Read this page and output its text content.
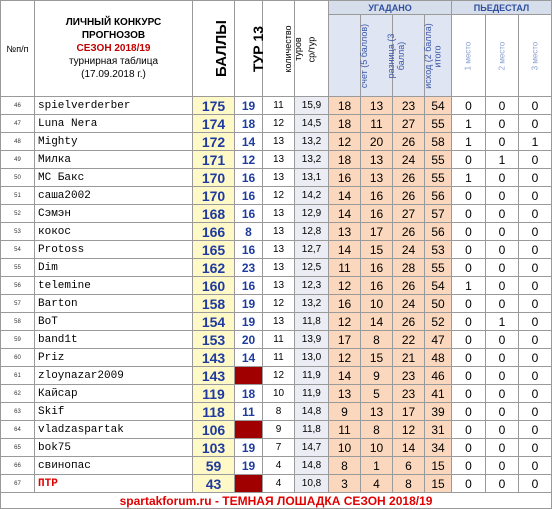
№п/п	ЛИЧНЫЙ КОНКУРС
ПРОГНОЗОВ
СЕЗОН 2018/19
турнирная таблица
(17.09.2018 г.)	БАЛЛЫ	ТУР 13	количество туров	ср/тур	УГАДАНО				ПЬЕДЕСТАЛ		
						счет (5 баллов)	разница (3 балла)	исход (2 балла)	итого	1 место	2 место	3 место
46	spielverderber	175	19	11	15,9	18	13	23	54	0	0	0
47	Luna Nera	174	18	12	14,5	18	11	27	55	1	0	0
48	Mighty	172	14	13	13,2	12	20	26	58	1	0	1
49	Милка	171	12	13	13,2	18	13	24	55	0	1	0
50	MC Бакс	170	16	13	13,1	16	13	26	55	1	0	0
51	саша2002	170	16	12	14,2	14	16	26	56	0	0	0
52	Сэмэн	168	16	13	12,9	14	16	27	57	0	0	0
53	кокос	166	8	13	12,8	13	17	26	56	0	0	0
54	Protoss	165	16	13	12,7	14	15	24	53	0	0	0
55	Dim	162	23	13	12,5	11	16	28	55	0	0	0
56	telemine	160	16	13	12,3	12	16	26	54	1	0	0
57	Barton	158	19	12	13,2	16	10	24	50	0	0	0
58	BoT	154	19	13	11,8	12	14	26	52	0	1	0
59	band1t	153	20	11	13,9	17	8	22	47	0	0	0
60	Priz	143	14	11	13,0	12	15	21	48	0	0	0
61	zloynazar2009	143		12	11,9	14	9	23	46	0	0	0
62	Кайсар	119	18	10	11,9	13	5	23	41	0	0	0
63	Skif	118	11	8	14,8	9	13	17	39	0	0	0
64	vladzaspartak	106		9	11,8	11	8	12	31	0	0	0
65	bok75	103	19	7	14,7	10	10	14	34	0	0	0
66	свинопас	59	19	4	14,8	8	1	6	15	0	0	0
67	ПТР	43		4	10,8	3	4	8	15	0	0	0
spartakforum.ru - ТЕМНАЯ ЛОШАДКА СЕЗОН 2018/19												
